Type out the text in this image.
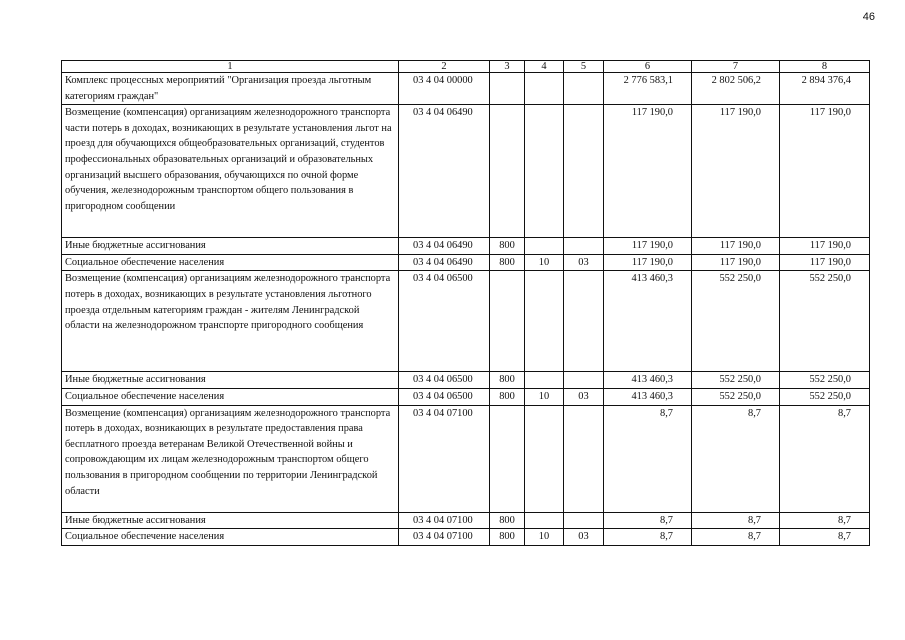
46
1	2	3	4	5	6	7	8
Комплекс процессных мероприятий "Организация проезда льготным категориям граждан"	03 4 04 00000				2 776 583,1	2 802 506,2	2 894 376,4
Возмещение (компенсация) организациям железнодорожного транспорта части потерь в доходах, возникающих в результате установления льгот на проезд для обучающихся общеобразовательных организаций, студентов профессиональных образовательных организаций и образовательных организаций высшего образования, обучающихся по очной форме обучения, железнодорожным транспортом общего пользования в пригородном сообщении	03 4 04 06490				117 190,0	117 190,0	117 190,0
Иные бюджетные ассигнования	03 4 04 06490	800			117 190,0	117 190,0	117 190,0
Социальное обеспечение населения	03 4 04 06490	800	10	03	117 190,0	117 190,0	117 190,0
Возмещение (компенсация) организациям железнодорожного транспорта потерь в доходах, возникающих в результате установления льготного проезда отдельным категориям граждан - жителям Ленинградской области на железнодорожном транспорте пригородного сообщения	03 4 04 06500				413 460,3	552 250,0	552 250,0
Иные бюджетные ассигнования	03 4 04 06500	800			413 460,3	552 250,0	552 250,0
Социальное обеспечение населения	03 4 04 06500	800	10	03	413 460,3	552 250,0	552 250,0
Возмещение (компенсация) организациям железнодорожного транспорта потерь в доходах, возникающих в результате предоставления права бесплатного проезда ветеранам Великой Отечественной войны и сопровождающим их лицам железнодорожным транспортом общего пользования в пригородном сообщении по территории Ленинградской области	03 4 04 07100				8,7	8,7	8,7
Иные бюджетные ассигнования	03 4 04 07100	800			8,7	8,7	8,7
Социальное обеспечение населения	03 4 04 07100	800	10	03	8,7	8,7	8,7
